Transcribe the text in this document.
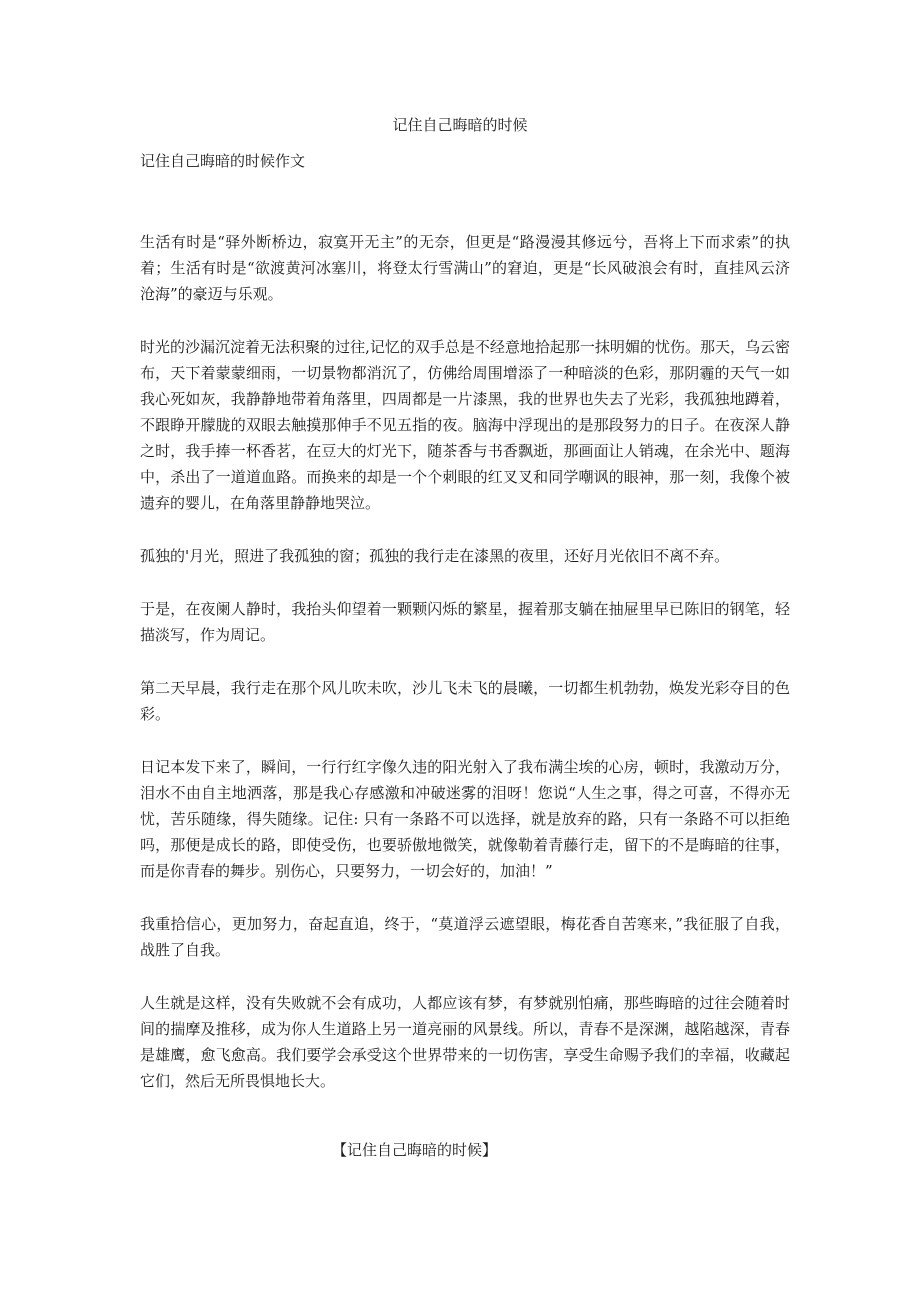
记住自己晦暗的时候
记住自己晦暗的时候作文

生活有时是“驿外断桥边，寂寞开无主”的无奈，但更是“路漫漫其修远兮，吾将上下而求索”的执着；生活有时是“欲渡黄河冰塞川，将登太行雪满山”的窘迫，更是“长风破浪会有时，直挂风云济沧海”的豪迈与乐观。

时光的沙漏沉淀着无法积聚的过往,记忆的双手总是不经意地拾起那一抹明媚的忧伤。那天，乌云密布，天下着蒙蒙细雨，一切景物都消沉了，仿佛给周围增添了一种暗淡的色彩，那阴霾的天气一如我心死如灰，我静静地带着角落里，四周都是一片漆黑，我的世界也失去了光彩，我孤独地蹲着，不跟睁开朦胧的双眼去触摸那伸手不见五指的夜。脑海中浮现出的是那段努力的日子。在夜深人静之时，我手捧一杯香茗，在豆大的灯光下，随茶香与书香飘逝，那画面让人销魂，在余光中、题海中，杀出了一道道血路。而换来的却是一个个刺眼的红叉叉和同学嘲讽的眼神，那一刻，我像个被遗弃的婴儿，在角落里静静地哭泣。

孤独的'月光，照进了我孤独的窗；孤独的我行走在漆黑的夜里，还好月光依旧不离不弃。

于是，在夜阑人静时，我抬头仰望着一颗颗闪烁的繁星，握着那支躺在抽屉里早已陈旧的钢笔，轻描淡写，作为周记。

第二天早晨，我行走在那个风儿吹未吹，沙儿飞未飞的晨曦，一切都生机勃勃，焕发光彩夺目的色彩。

日记本发下来了，瞬间，一行行红字像久违的阳光射入了我布满尘埃的心房，顿时，我激动万分，泪水不由自主地洒落，那是我心存感激和冲破迷雾的泪呀！您说“人生之事，得之可喜，不得亦无忧，苦乐随缘，得失随缘。记住: 只有一条路不可以选择，就是放弃的路，只有一条路不可以拒绝吗，那便是成长的路，即使受伤，也要骄傲地微笑，就像勒着青藤行走，留下的不是晦暗的往事，而是你青春的舞步。别伤心，只要努力，一切会好的，加油！”

我重拾信心，更加努力，奋起直追，终于，“莫道浮云遮望眼，梅花香自苦寒来，”我征服了自我，战胜了自我。

人生就是这样，没有失败就不会有成功，人都应该有梦，有梦就别怕痛，那些晦暗的过往会随着时间的揣摩及推移，成为你人生道路上另一道亮丽的风景线。所以，青春不是深渊，越陷越深，青春是雄鹰，愈飞愈高。我们要学会承受这个世界带来的一切伤害，享受生命赐予我们的幸福，收藏起它们，然后无所畏惧地长大。

【记住自己晦暗的时候】
